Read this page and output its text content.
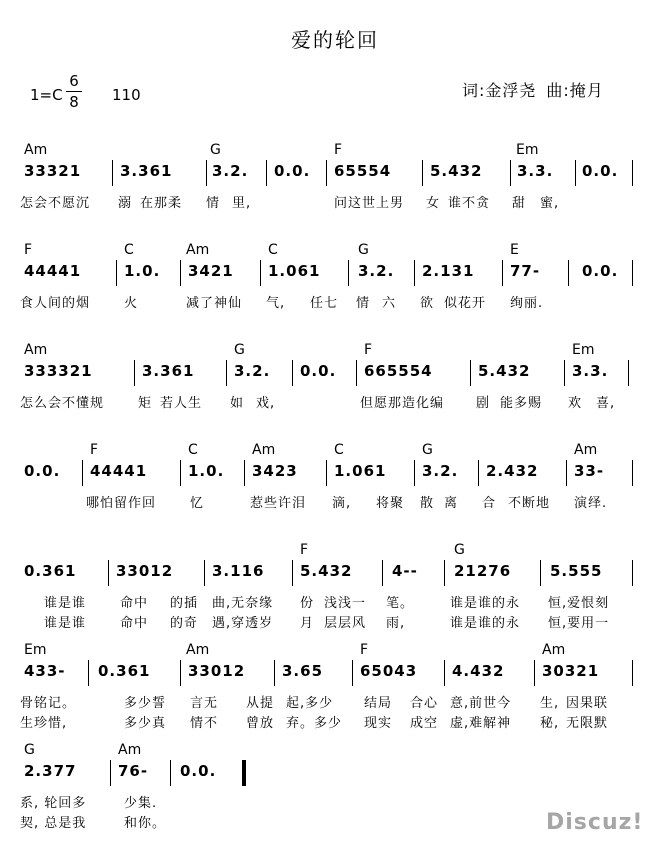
爱的轮回
1=C
6
8 110	词:金浮尧 曲:掩月
Am	G	F	Em
33321	3.361	3.2. 0.0. 65554	5.432 3.3. 0.0.
怎会不愿沉 溺 在那柔 情 里,	问这世上男 女 谁不贪 甜 蜜,
F	C	Am	C	G	E
44441	1.0. 3421 1.061	3.2. 2.131 77-	0.0.
食人间的烟	火	减了神仙 气, 任七 情 六 欲 似花开 绚丽.
Am	G	F	Em
333321	3.361	3.2. 0.0. 665554	5.432	3.3.
怎么会不懂规	矩 若人生 如 戏,	但愿那造化编 剧 能多赐 欢 喜,
F	C	Am	C	G	Am
0.0. 44441	1.0. 3423 1.061 3.2. 2.432 33-
哪怕留作回	忆	惹些许泪 滴, 将聚 散 离 合 不断地 演绎.
F	G
0.361	33012	3.116 5.432	4-- 21276	5.555
谁是谁	命中 的插 曲,无奈缘 份 浅浅一 笔。	谁是谁的永 恒,爱恨刻
谁是谁	命中 的奇 遇,穿透岁 月 层层风 雨,	谁是谁的永 恒,要用一
Em	Am	F	Am
433- 0.361	33012 3.65 65043 4.432	30321
骨铭记。	多少誓 言无 从提 起,多少 结局 合心 意,前世今 生, 因果联
生珍惜,	多少真 情不 曾放 弃。多少 现实 成空 虚,难解神 秘, 无限默
G	Am
2.377	76- 0.0.
系, 轮回多	少集.
契, 总是我	和你。	Discuz!
